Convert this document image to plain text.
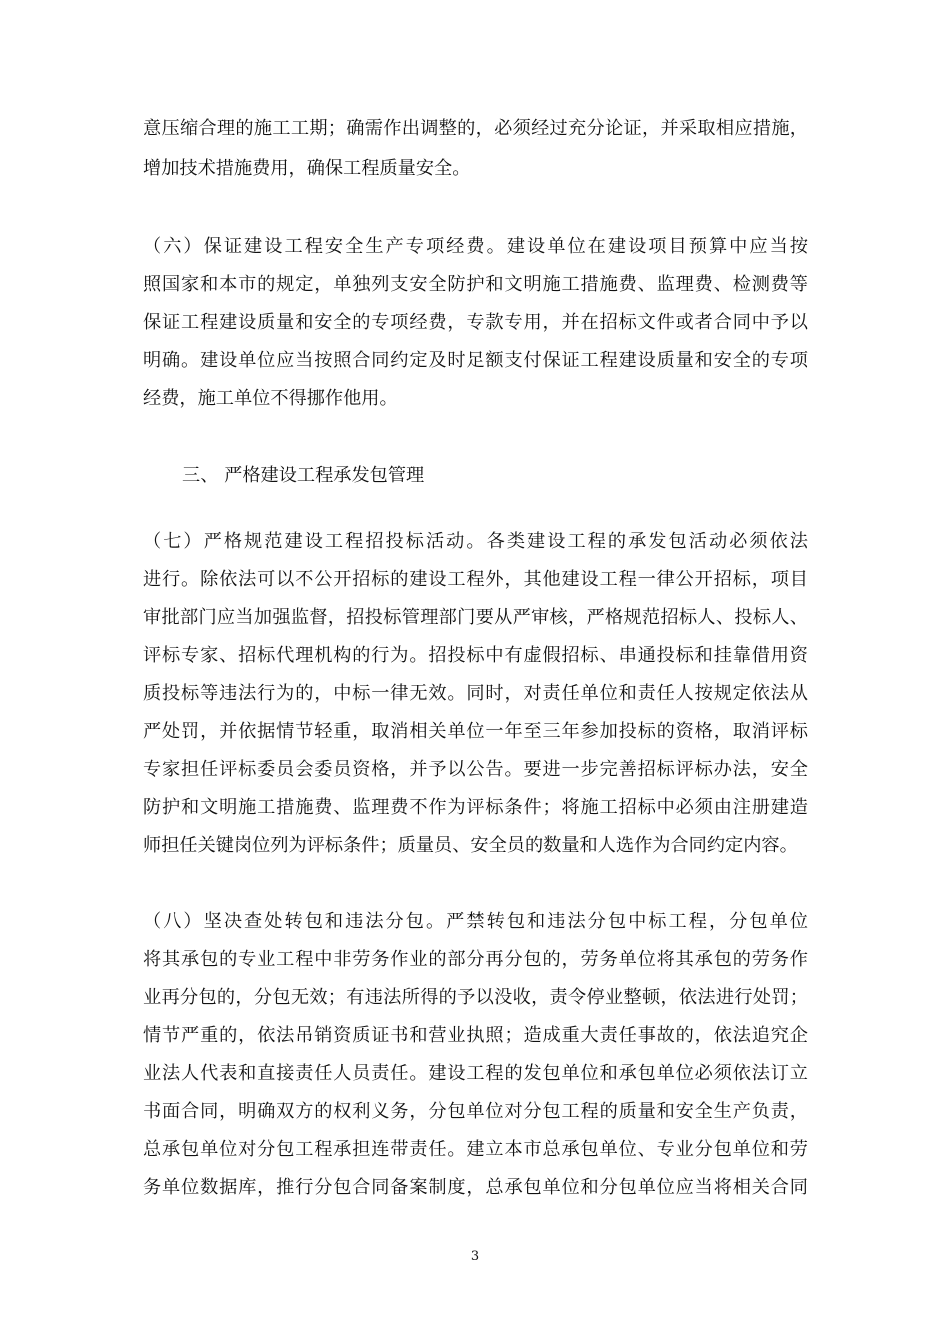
意压缩合理的施工工期；确需作出调整的，必须经过充分论证，并采取相应措施，
增加技术措施费用，确保工程质量安全。
（六）保证建设工程安全生产专项经费。建设单位在建设项目预算中应当按
照国家和本市的规定，单独列支安全防护和文明施工措施费、监理费、检测费等
保证工程建设质量和安全的专项经费，专款专用，并在招标文件或者合同中予以
明确。建设单位应当按照合同约定及时足额支付保证工程建设质量和安全的专项
经费，施工单位不得挪作他用。
三、 严格建设工程承发包管理
（七）严格规范建设工程招投标活动。各类建设工程的承发包活动必须依法
进行。除依法可以不公开招标的建设工程外，其他建设工程一律公开招标，项目
审批部门应当加强监督，招投标管理部门要从严审核，严格规范招标人、投标人、
评标专家、招标代理机构的行为。招投标中有虚假招标、串通投标和挂靠借用资
质投标等违法行为的，中标一律无效。同时，对责任单位和责任人按规定依法从
严处罚，并依据情节轻重，取消相关单位一年至三年参加投标的资格，取消评标
专家担任评标委员会委员资格，并予以公告。要进一步完善招标评标办法，安全
防护和文明施工措施费、监理费不作为评标条件；将施工招标中必须由注册建造
师担任关键岗位列为评标条件；质量员、安全员的数量和人选作为合同约定内容。
（八）坚决查处转包和违法分包。严禁转包和违法分包中标工程，分包单位
将其承包的专业工程中非劳务作业的部分再分包的，劳务单位将其承包的劳务作
业再分包的，分包无效；有违法所得的予以没收，责令停业整顿，依法进行处罚；
情节严重的，依法吊销资质证书和营业执照；造成重大责任事故的，依法追究企
业法人代表和直接责任人员责任。建设工程的发包单位和承包单位必须依法订立
书面合同，明确双方的权利义务，分包单位对分包工程的质量和安全生产负责，
总承包单位对分包工程承担连带责任。建立本市总承包单位、专业分包单位和劳
务单位数据库，推行分包合同备案制度，总承包单位和分包单位应当将相关合同
3
